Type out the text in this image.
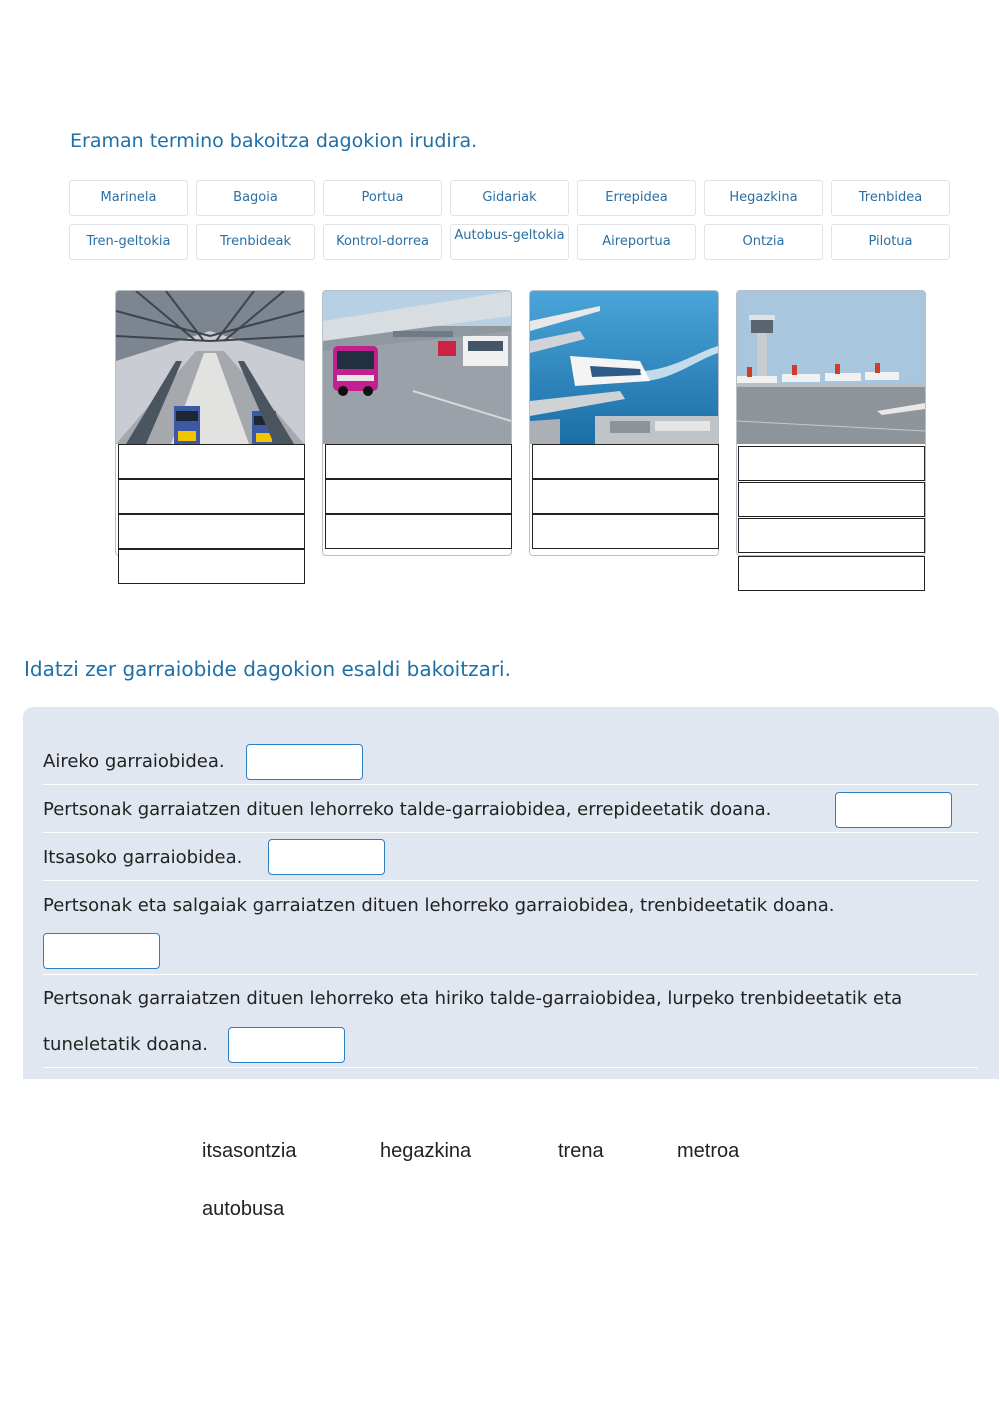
Eraman termino bakoitza dagokion irudira.
Marinela	Bagoia	Portua	Gidariak	Errepidea	Hegazkina	Trenbidea
Tren-geltokia	Trenbideak	Kontrol-dorrea	Autobus-geltokia	Aireportua	Ontzia	Pilotua
Idatzi zer garraiobide dagokion esaldi bakoitzari.
Aireko garraiobidea.
Pertsonak garraiatzen dituen lehorreko talde-garraiobidea, errepideetatik doana.
Itsasoko garraiobidea.
Pertsonak eta salgaiak garraiatzen dituen lehorreko garraiobidea, trenbideetatik doana.
Pertsonak garraiatzen dituen lehorreko eta hiriko talde-garraiobidea, lurpeko trenbideetatik eta
tuneletatik doana.
itsasontzia	hegazkina	trena	metroa
autobusa
